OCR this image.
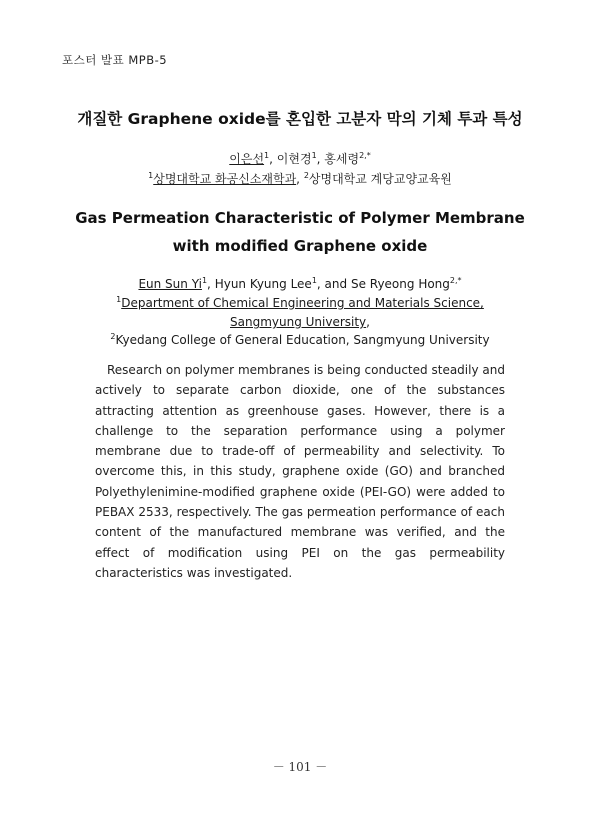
포스터 발표 MPB-5
개질한 Graphene oxide를 혼입한 고분자 막의 기체 투과 특성
이은선$^1$, 이현경$^1$, 홍세령$^{2,*}$
$^1$상명대학교 화공신소재학과, $^2$상명대학교 계당교양교육원
Gas Permeation Characteristic of Polymer Membrane
with modified Graphene oxide
Eun Sun Yi$^1$, Hyun Kyung Lee$^1$, and Se Ryeong Hong$^{2,*}$
$^1$Department of Chemical Engineering and Materials Science,
Sangmyung University,
$^2$Kyedang College of General Education, Sangmyung University
Research on polymer membranes is being conducted steadily and actively to separate carbon dioxide, one of the substances attracting attention as greenhouse gases. However, there is a challenge to the separation performance using a polymer membrane due to trade-off of permeability and selectivity. To overcome this, in this study, graphene oxide (GO) and branched Polyethylenimine-modified graphene oxide (PEI-GO) were added to PEBAX 2533, respectively. The gas permeation performance of each content of the manufactured membrane was verified, and the effect of modification using PEI on the gas permeability characteristics was investigated.
－ 101 －
